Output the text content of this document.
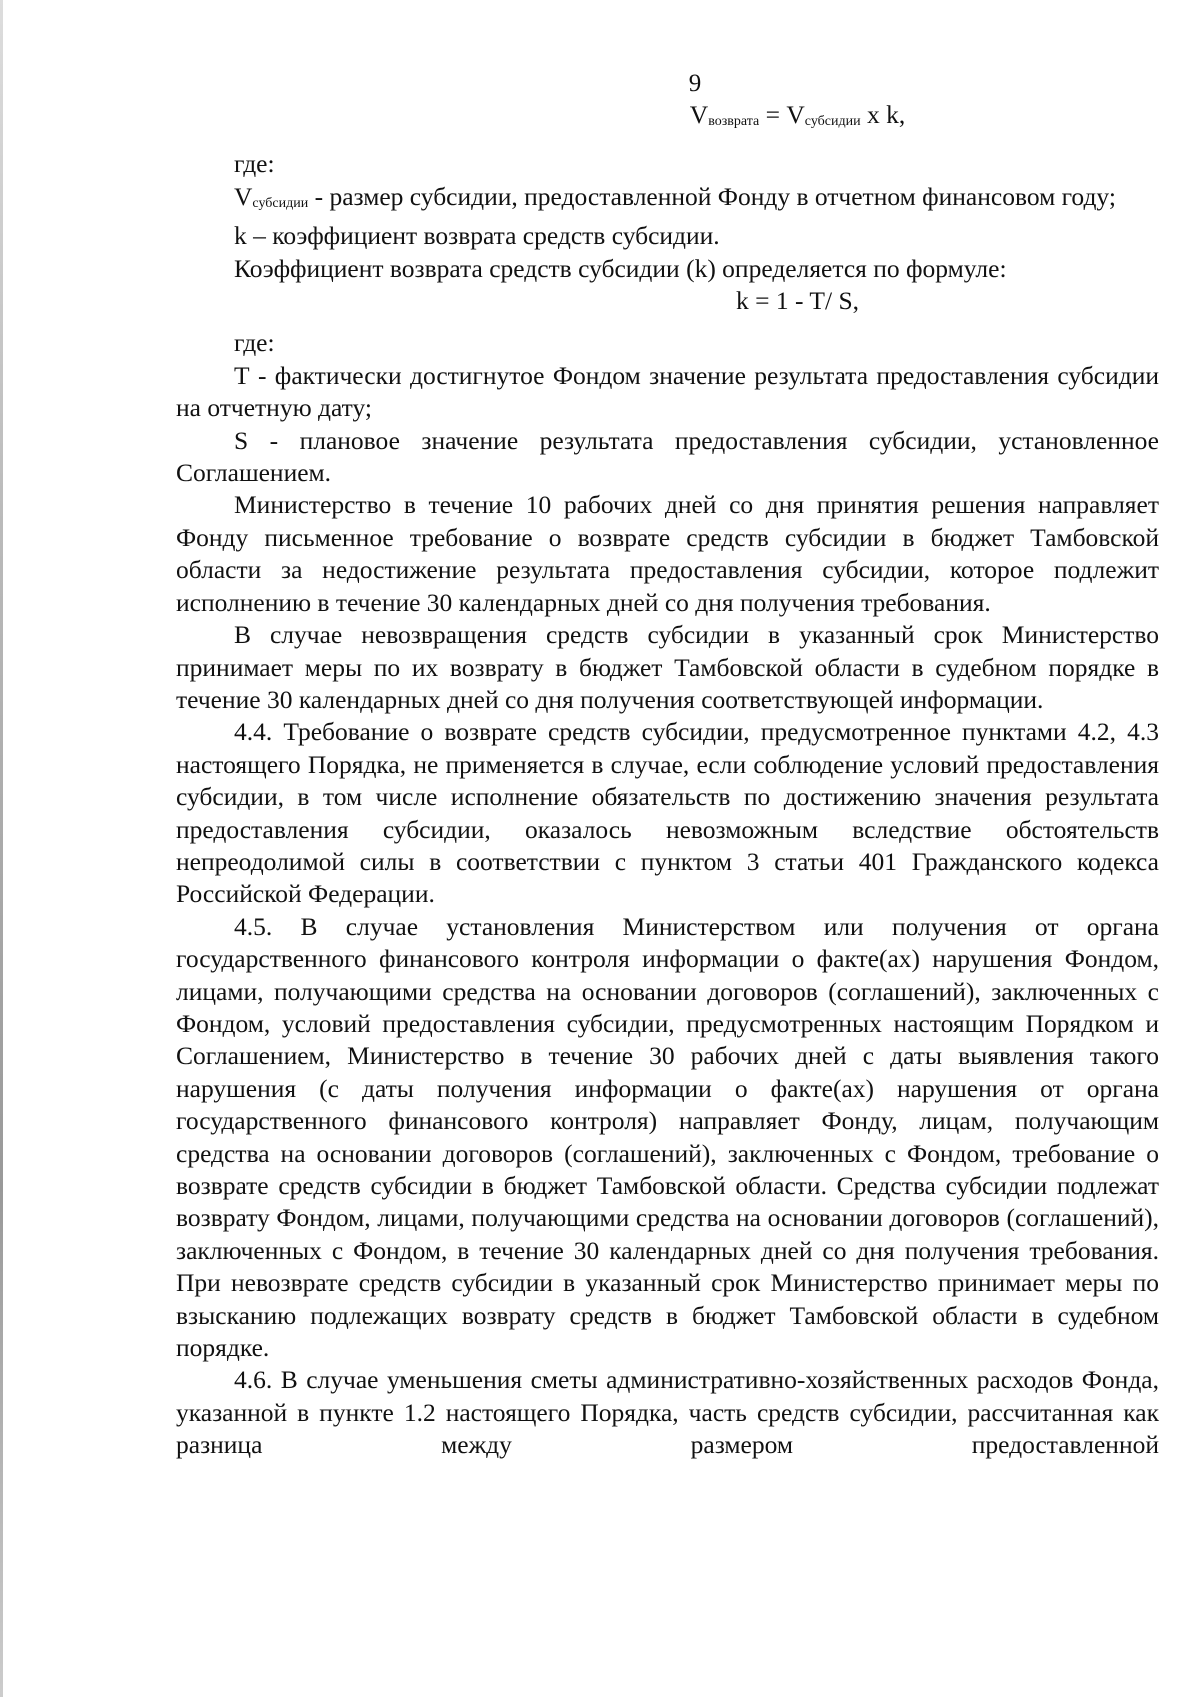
9

$V_{возврата} = V_{субсидии}$ x k,

где:

$V_{субсидии}$ - размер субсидии, предоставленной Фонду в отчетном финансовом году;

k – коэффициент возврата средств субсидии.

Коэффициент возврата средств субсидии (k) определяется по формуле:

k = 1 - T/ S,

где:

Т - фактически достигнутое Фондом значение результата предоставления субсидии на отчетную дату;

S - плановое значение результата предоставления субсидии, установленное Соглашением.

Министерство в течение 10 рабочих дней со дня принятия решения направляет Фонду письменное требование о возврате средств субсидии в бюджет Тамбовской области за недостижение результата предоставления субсидии, которое подлежит исполнению в течение 30 календарных дней со дня получения требования.

В случае невозвращения средств субсидии в указанный срок Министерство принимает меры по их возврату в бюджет Тамбовской области в судебном порядке в течение 30 календарных дней со дня получения соответствующей информации.

4.4. Требование о возврате средств субсидии, предусмотренное пунктами 4.2, 4.3 настоящего Порядка, не применяется в случае, если соблюдение условий предоставления субсидии, в том числе исполнение обязательств по достижению значения результата предоставления субсидии, оказалось невозможным вследствие обстоятельств непреодолимой силы в соответствии с пунктом 3 статьи 401 Гражданского кодекса Российской Федерации.

4.5. В случае установления Министерством или получения от органа государственного финансового контроля информации о факте(ах) нарушения Фондом, лицами, получающими средства на основании договоров (соглашений), заключенных с Фондом, условий предоставления субсидии, предусмотренных настоящим Порядком и Соглашением, Министерство в течение 30 рабочих дней с даты выявления такого нарушения (с даты получения информации о факте(ах) нарушения от органа государственного финансового контроля) направляет Фонду, лицам, получающим средства на основании договоров (соглашений), заключенных с Фондом, требование о возврате средств субсидии в бюджет Тамбовской области. Средства субсидии подлежат возврату Фондом, лицами, получающими средства на основании договоров (соглашений), заключенных с Фондом, в течение 30 календарных дней со дня получения требования. При невозврате средств субсидии в указанный срок Министерство принимает меры по взысканию подлежащих возврату средств в бюджет Тамбовской области в судебном порядке.

4.6. В случае уменьшения сметы административно-хозяйственных расходов Фонда, указанной в пункте 1.2 настоящего Порядка, часть средств субсидии, рассчитанная как разница между размером предоставленной
